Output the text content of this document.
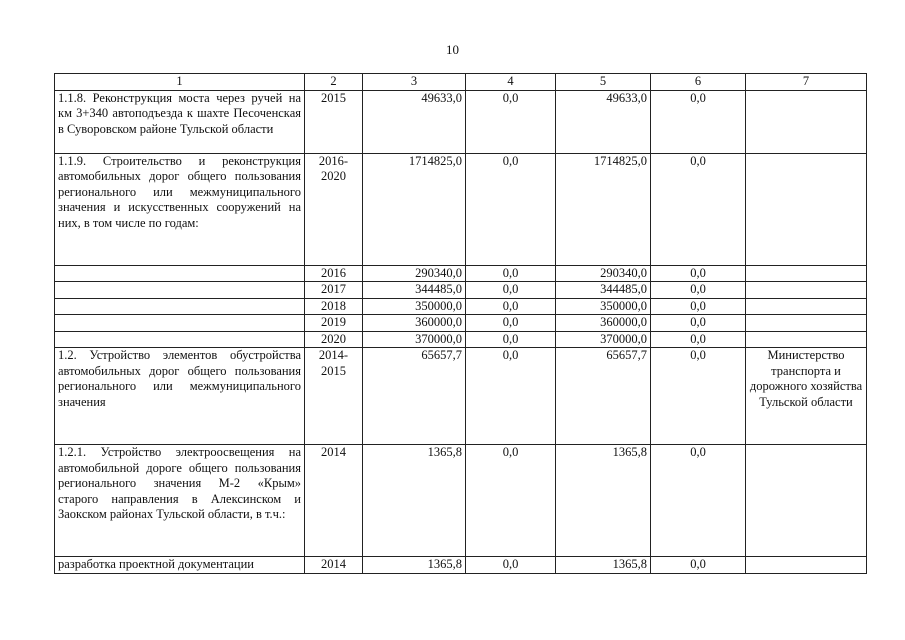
10
1	2	3	4	5	6	7
1.1.8. Реконструкция моста через ручей на км 3+340 автоподъезда к шахте Песоченская в Суворовском районе Тульской области	2015	49633,0	0,0	49633,0	0,0	
1.1.9. Строительство и реконструкция автомобильных дорог общего пользования регионального или межмуниципального значения и искусственных сооружений на них, в том числе по годам:	2016-2020	1714825,0	0,0	1714825,0	0,0	
	2016	290340,0	0,0	290340,0	0,0	
	2017	344485,0	0,0	344485,0	0,0	
	2018	350000,0	0,0	350000,0	0,0	
	2019	360000,0	0,0	360000,0	0,0	
	2020	370000,0	0,0	370000,0	0,0	
1.2. Устройство элементов обустройства автомобильных дорог общего пользования регионального или межмуниципального значения	2014-2015	65657,7	0,0	65657,7	0,0	Министерство транспорта и дорожного хозяйства Тульской области
1.2.1. Устройство электроосвещения на автомобильной дороге общего пользования регионального значения М-2 «Крым» старого направления в Алексинском и Заокском районах Тульской области, в т.ч.:	2014	1365,8	0,0	1365,8	0,0	
разработка проектной документации	2014	1365,8	0,0	1365,8	0,0	
